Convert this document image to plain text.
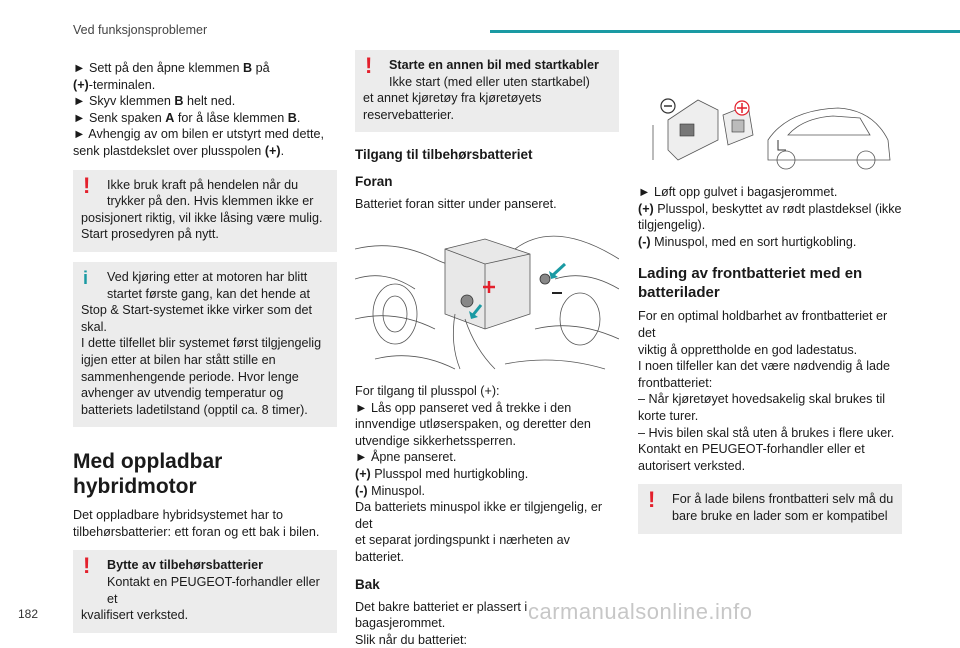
Ved funksjonsproblemer

► Sett på den åpne klemmen B på

(+)-terminalen.

► Skyv klemmen B helt ned.

► Senk spaken A for å låse klemmen B.

► Avhengig av om bilen er utstyrt med dette,

senk plastdekslet over plusspolen (+).

!	Ikke bruk kraft på hendelen når du

trykker på den. Hvis klemmen ikke er

posisjonert riktig, vil ikke låsing være mulig.

Start prosedyren på nytt.

i	Ved kjøring etter at motoren har blitt

startet første gang, kan det hende at

Stop & Start-systemet ikke virker som det

skal.

I dette tilfellet blir systemet først tilgjengelig

igjen etter at bilen har stått stille en

sammenhengende periode. Hvor lenge

avhenger av utvendig temperatur og

batteriets ladetilstand (opptil ca. 8 timer).

Med oppladbar hybridmotor

Det oppladbare hybridsystemet har to

tilbehørsbatterier: ett foran og ett bak i bilen.

!	Bytte av tilbehørsbatterier

Kontakt en PEUGEOT-forhandler eller et

kvalifisert verksted.

!	Starte en annen bil med startkabler

Ikke start (med eller uten startkabel)

et annet kjøretøy fra kjøretøyets

reservebatterier.

Tilgang til tilbehørsbatteriet
Foran

Batteriet foran sitter under panseret.

For tilgang til plusspol (+):

► Lås opp panseret ved å trekke i den

innvendige utløserspaken, og deretter den

utvendige sikkerhetssperren.

► Åpne panseret.

(+) Plusspol med hurtigkobling.

(-) Minuspol.

Da batteriets minuspol ikke er tilgjengelig, er det

et separat jordingspunkt i nærheten av batteriet.

Bak

Det bakre batteriet er plassert i bagasjerommet.

Slik når du batteriet:

► Løft opp gulvet i bagasjerommet.

(+) Plusspol, beskyttet av rødt plastdeksel (ikke

tilgjengelig).

(-) Minuspol, med en sort hurtigkobling.

Lading av frontbatteriet med en
batterilader

For en optimal holdbarhet av frontbatteriet er det

viktig å opprettholde en god ladestatus.

I noen tilfeller kan det være nødvendig å lade

frontbatteriet:

– Når kjøretøyet hovedsakelig skal brukes til

korte turer.

– Hvis bilen skal stå uten å brukes i flere uker.

Kontakt en PEUGEOT-forhandler eller et

autorisert verksted.

!	For å lade bilens frontbatteri selv må du

bare bruke en lader som er kompatibel

182	carmanualsonline.info
